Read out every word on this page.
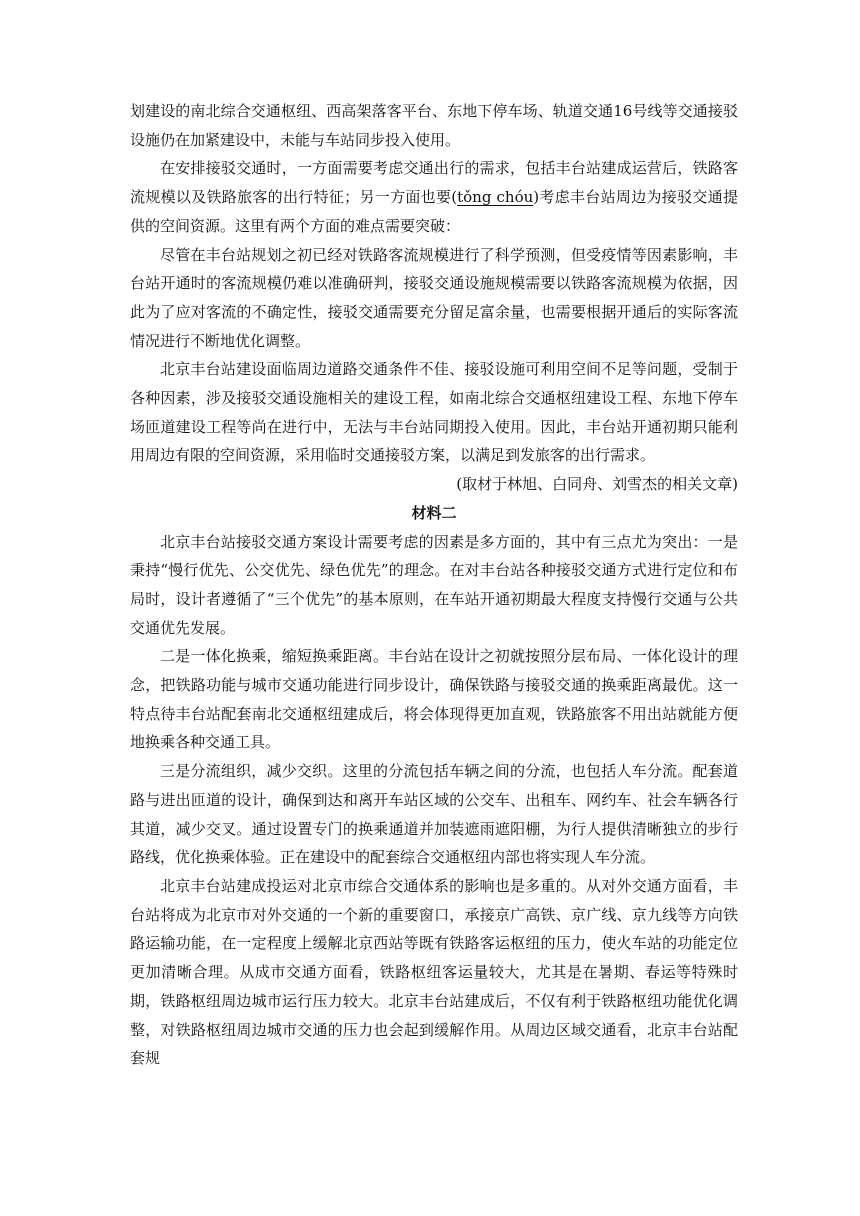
划建设的南北综合交通枢纽、西高架落客平台、东地下停车场、轨道交通16号线等交通接驳设施仍在加紧建设中，未能与车站同步投入使用。

在安排接驳交通时，一方面需要考虑交通出行的需求，包括丰台站建成运营后，铁路客流规模以及铁路旅客的出行特征；另一方面也要(tǒng chóu)考虑丰台站周边为接驳交通提供的空间资源。这里有两个方面的难点需要突破：

尽管在丰台站规划之初已经对铁路客流规模进行了科学预测，但受疫情等因素影响，丰台站开通时的客流规模仍难以准确研判，接驳交通设施规模需要以铁路客流规模为依据，因此为了应对客流的不确定性，接驳交通需要充分留足富余量，也需要根据开通后的实际客流情况进行不断地优化调整。

北京丰台站建设面临周边道路交通条件不佳、接驳设施可利用空间不足等问题，受制于各种因素，涉及接驳交通设施相关的建设工程，如南北综合交通枢纽建设工程、东地下停车场匝道建设工程等尚在进行中，无法与丰台站同期投入使用。因此，丰台站开通初期只能利用周边有限的空间资源，采用临时交通接驳方案，以满足到发旅客的出行需求。

(取材于林旭、白同舟、刘雪杰的相关文章)

材料二

北京丰台站接驳交通方案设计需要考虑的因素是多方面的，其中有三点尤为突出：一是秉持“慢行优先、公交优先、绿色优先”的理念。在对丰台站各种接驳交通方式进行定位和布局时，设计者遵循了“三个优先”的基本原则，在车站开通初期最大程度支持慢行交通与公共交通优先发展。

二是一体化换乘，缩短换乘距离。丰台站在设计之初就按照分层布局、一体化设计的理念，把铁路功能与城市交通功能进行同步设计，确保铁路与接驳交通的换乘距离最优。这一特点待丰台站配套南北交通枢纽建成后，将会体现得更加直观，铁路旅客不用出站就能方便地换乘各种交通工具。

三是分流组织，减少交织。这里的分流包括车辆之间的分流，也包括人车分流。配套道路与进出匝道的设计，确保到达和离开车站区域的公交车、出租车、网约车、社会车辆各行其道，减少交叉。通过设置专门的换乘通道并加装遮雨遮阳棚，为行人提供清晰独立的步行路线，优化换乘体验。正在建设中的配套综合交通枢纽内部也将实现人车分流。

北京丰台站建成投运对北京市综合交通体系的影响也是多重的。从对外交通方面看，丰台站将成为北京市对外交通的一个新的重要窗口，承接京广高铁、京广线、京九线等方向铁路运输功能，在一定程度上缓解北京西站等既有铁路客运枢纽的压力，使火车站的功能定位更加清晰合理。从成市交通方面看，铁路枢纽客运量较大，尤其是在暑期、春运等特殊时期，铁路枢纽周边城市运行压力较大。北京丰台站建成后，不仅有利于铁路枢纽功能优化调整，对铁路枢纽周边城市交通的压力也会起到缓解作用。从周边区域交通看，北京丰台站配套规
